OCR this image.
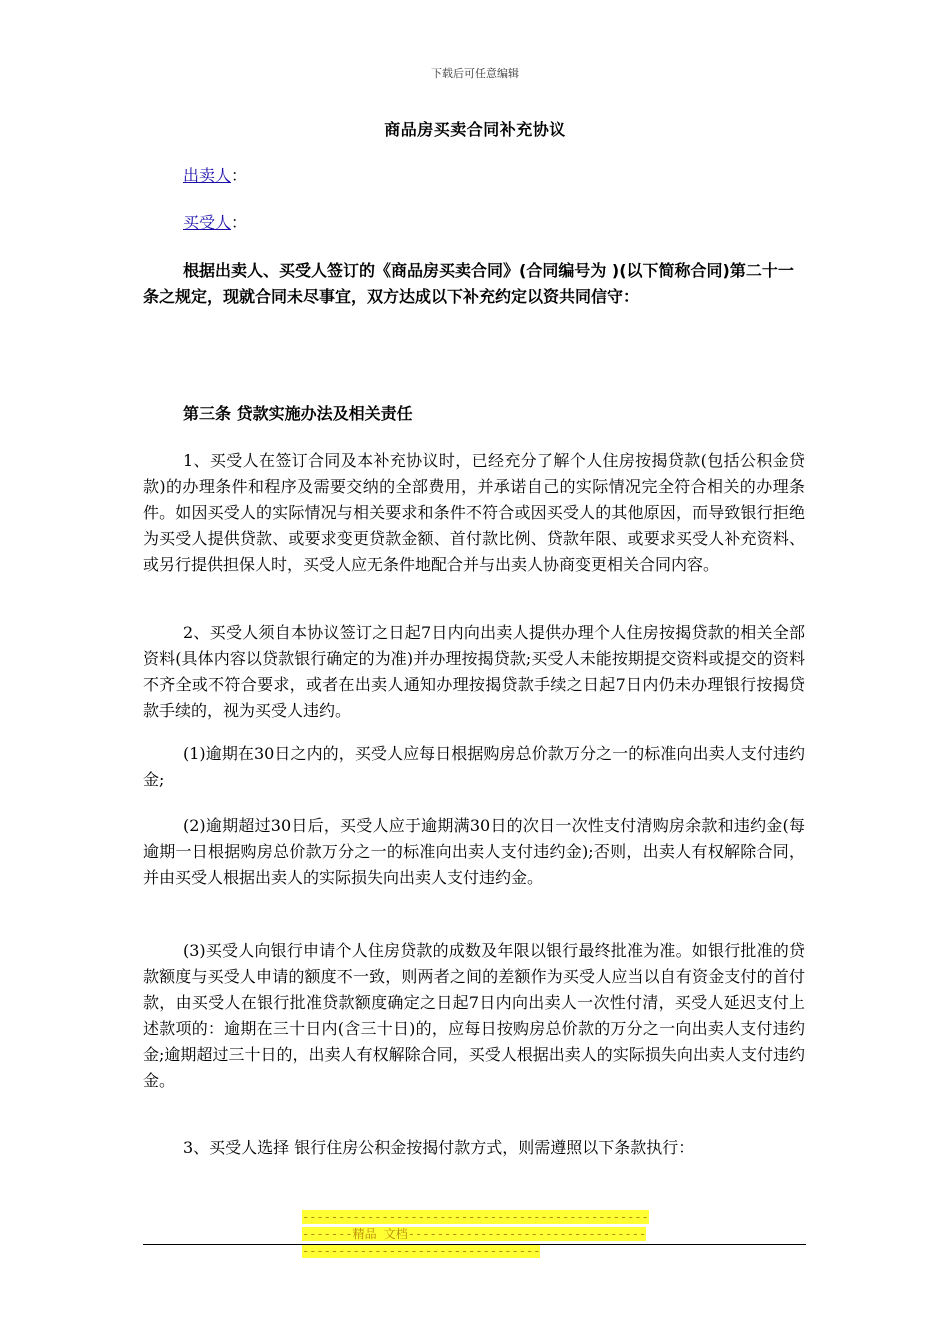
下载后可任意编辑
商品房买卖合同补充协议
出卖人：
买受人：

根据出卖人、买受人签订的《商品房买卖合同》(合同编号为 )(以下简称合同)第二十一条之规定，现就合同未尽事宜，双方达成以下补充约定以资共同信守：

第三条 贷款实施办法及相关责任

1、买受人在签订合同及本补充协议时，已经充分了解个人住房按揭贷款(包括公积金贷款)的办理条件和程序及需要交纳的全部费用，并承诺自己的实际情况完全符合相关的办理条件。如因买受人的实际情况与相关要求和条件不符合或因买受人的其他原因，而导致银行拒绝为买受人提供贷款、或要求变更贷款金额、首付款比例、贷款年限、或要求买受人补充资料、或另行提供担保人时，买受人应无条件地配合并与出卖人协商变更相关合同内容。

2、买受人须自本协议签订之日起7日内向出卖人提供办理个人住房按揭贷款的相关全部资料(具体内容以贷款银行确定的为准)并办理按揭贷款;买受人未能按期提交资料或提交的资料不齐全或不符合要求，或者在出卖人通知办理按揭贷款手续之日起7日内仍未办理银行按揭贷款手续的，视为买受人违约。

(1)逾期在30日之内的，买受人应每日根据购房总价款万分之一的标准向出卖人支付违约金;

(2)逾期超过30日后，买受人应于逾期满30日的次日一次性支付清购房余款和违约金(每逾期一日根据购房总价款万分之一的标准向出卖人支付违约金);否则，出卖人有权解除合同，并由买受人根据出卖人的实际损失向出卖人支付违约金。

(3)买受人向银行申请个人住房贷款的成数及年限以银行最终批准为准。如银行批准的贷款额度与买受人申请的额度不一致，则两者之间的差额作为买受人应当以自有资金支付的首付款，由买受人在银行批准贷款额度确定之日起7日内向出卖人一次性付清，买受人延迟支付上述款项的：逾期在三十日内(含三十日)的，应每日按购房总价款的万分之一向出卖人支付违约金;逾期超过三十日的，出卖人有权解除合同，买受人根据出卖人的实际损失向出卖人支付违约金。

3、买受人选择 银行住房公积金按揭付款方式，则需遵照以下条款执行：

-------------------------------------------------------精品 文档------------------------------------------------------------------
